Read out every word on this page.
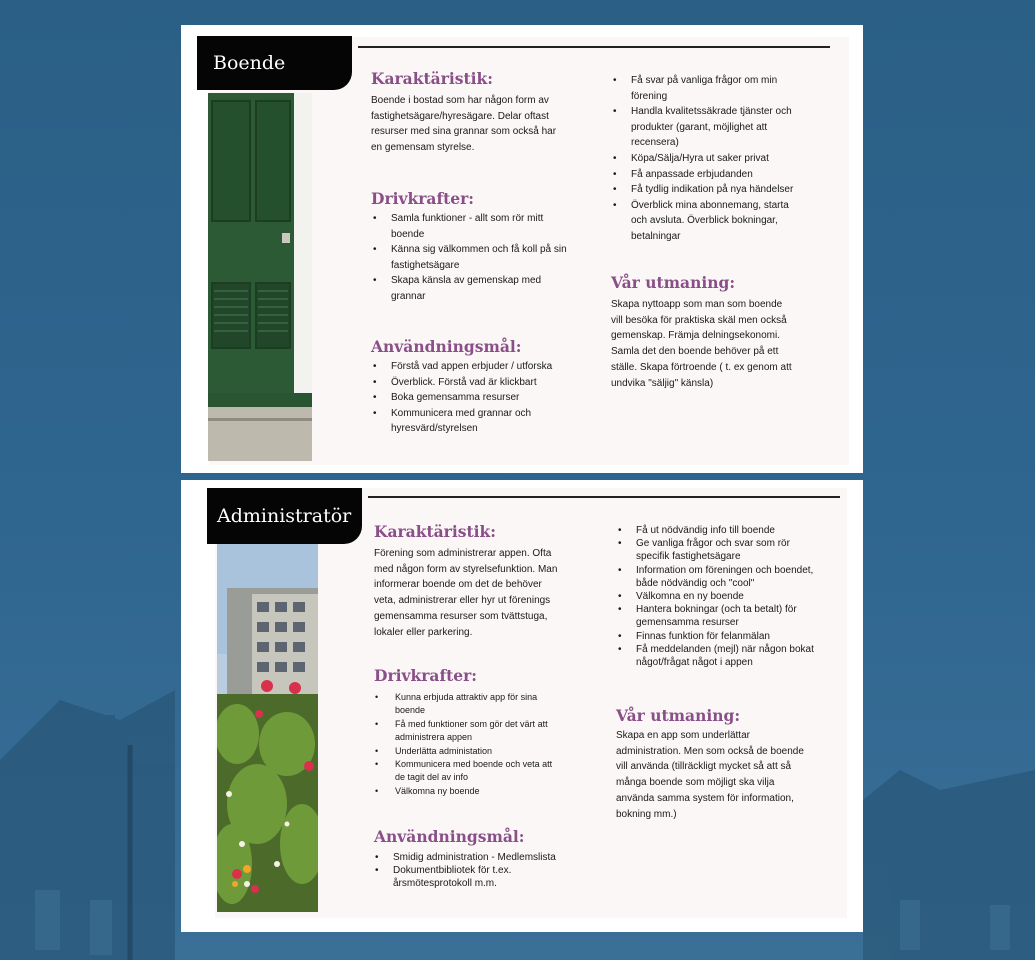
Boende
Karaktäristik:

Boende i bostad som har någon form av fastighetsägare/hyresägare. Delar oftast resurser med sina grannar som också har en gemensam styrelse.

Drivkrafter:
• Samla funktioner - allt som rör mitt boende
• Känna sig välkommen och få koll på sin fastighetsägare
• Skapa känsla av gemenskap med grannar
Användningsmål:
• Förstå vad appen erbjuder / utforska
• Överblick. Förstå vad är klickbart
• Boka gemensamma resurser
• Kommunicera med grannar och hyresvärd/styrelsen
• Få svar på vanliga frågor om min förening
• Handla kvalitetssäkrade tjänster och produkter (garant, möjlighet att recensera)
• Köpa/Sälja/Hyra ut saker privat
• Få anpassade erbjudanden
• Få tydlig indikation på nya händelser
• Överblick mina abonnemang, starta och avsluta. Överblick bokningar, betalningar
Vår utmaning:

Skapa nyttoapp som man som boende vill besöka för praktiska skäl men också gemenskap. Främja delningsekonomi. Samla det den boende behöver på ett ställe. Skapa förtroende ( t. ex genom att undvika "säljig" känsla)

Administratör
Karaktäristik:

Förening som administrerar appen. Ofta med någon form av styrelsefunktion. Man informerar boende om det de behöver veta, administrerar eller hyr ut förenings gemensamma resurser som tvättstuga, lokaler eller parkering.

Drivkrafter:
• Kunna erbjuda attraktiv app för sina boende
• Få med funktioner som gör det värt att administrera appen
• Underlätta administation
• Kommunicera med boende och veta att de tagit del av info
• Välkomna ny boende
Användningsmål:
• Smidig administration - Medlemslista
• Dokumentbibliotek för t.ex. årsmötesprotokoll m.m.
• Få ut nödvändig info till boende
• Ge vanliga frågor och svar som rör specifik fastighetsägare
• Information om föreningen och boendet, både nödvändig och "cool"
• Välkomna en ny boende
• Hantera bokningar (och ta betalt) för gemensamma resurser
• Finnas funktion för felanmälan
• Få meddelanden (mejl) när någon bokat något/frågat något i appen
Vår utmaning:

Skapa en app som underlättar administration. Men som också de boende vill använda (tillräckligt mycket så att så många boende som möjligt ska vilja använda samma system för information, bokning mm.)
